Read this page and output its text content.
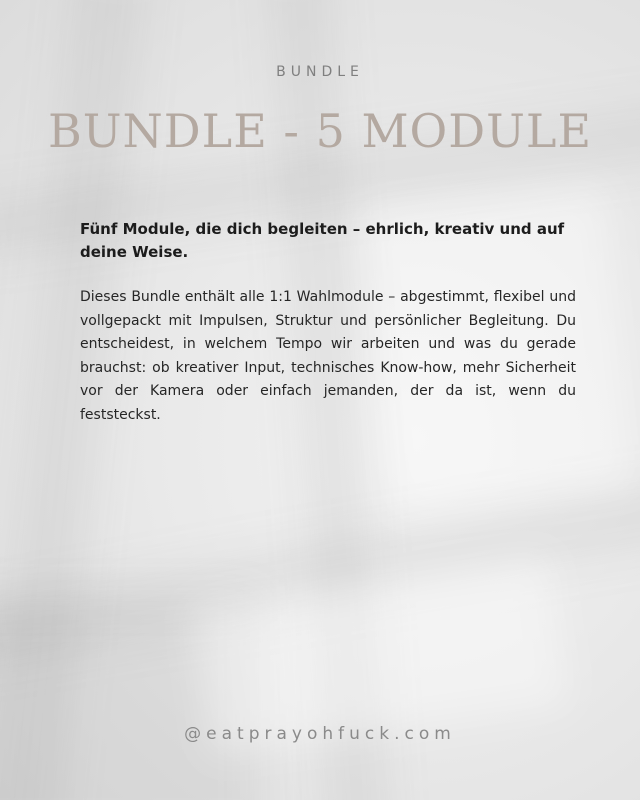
BUNDLE

BUNDLE - 5 MODULE

Fünf Module, die dich begleiten – ehrlich, kreativ und auf deine Weise.

Dieses Bundle enthält alle 1:1 Wahlmodule – abgestimmt, flexibel und vollgepackt mit Impulsen, Struktur und persönlicher Begleitung. Du entscheidest, in welchem Tempo wir arbeiten und was du gerade brauchst: ob kreativer Input, technisches Know-how, mehr Sicherheit vor der Kamera oder einfach jemanden, der da ist, wenn du feststeckst.

@eatprayohfuck.com
